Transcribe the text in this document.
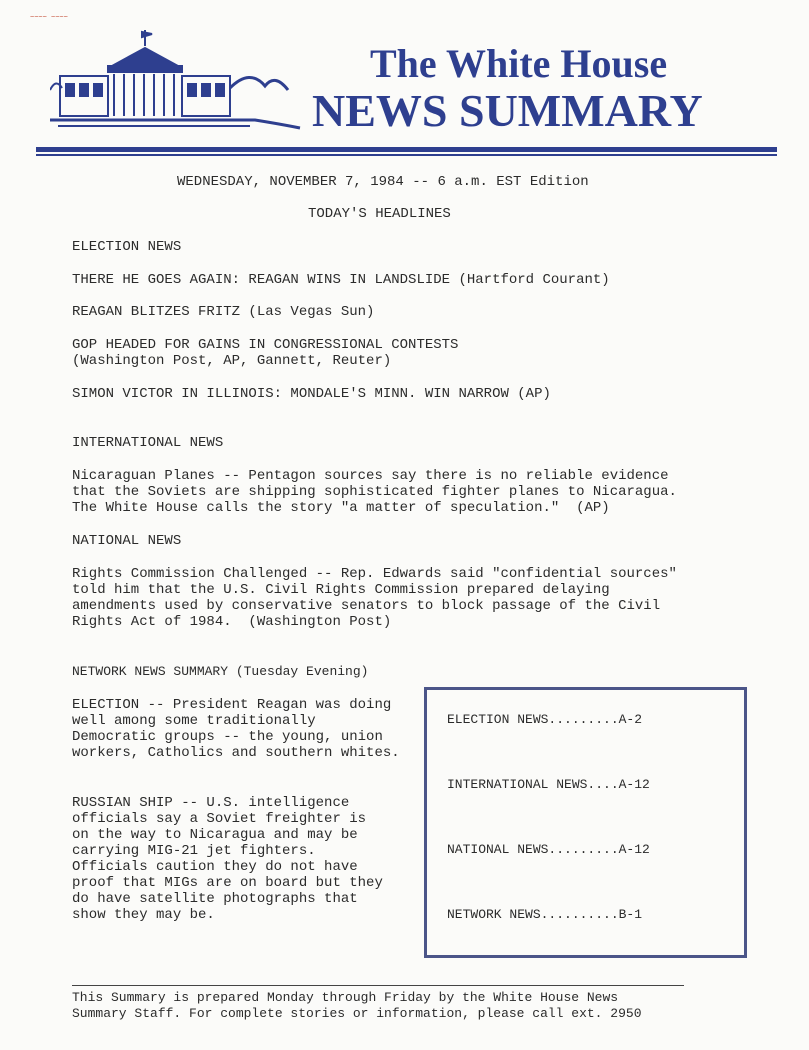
~~~~ ~~~~
The White House
NEWS SUMMARY
WEDNESDAY, NOVEMBER 7, 1984 -- 6 a.m. EST Edition
TODAY'S HEADLINES
ELECTION NEWS
THERE HE GOES AGAIN: REAGAN WINS IN LANDSLIDE (Hartford Courant)
REAGAN BLITZES FRITZ (Las Vegas Sun)
GOP HEADED FOR GAINS IN CONGRESSIONAL CONTESTS
(Washington Post, AP, Gannett, Reuter)
SIMON VICTOR IN ILLINOIS: MONDALE'S MINN. WIN NARROW (AP)
INTERNATIONAL NEWS
Nicaraguan Planes -- Pentagon sources say there is no reliable evidence
that the Soviets are shipping sophisticated fighter planes to Nicaragua.
The White House calls the story "a matter of speculation."  (AP)
NATIONAL NEWS
Rights Commission Challenged -- Rep. Edwards said "confidential sources"
told him that the U.S. Civil Rights Commission prepared delaying
amendments used by conservative senators to block passage of the Civil
Rights Act of 1984.  (Washington Post)
NETWORK NEWS SUMMARY (Tuesday Evening)
ELECTION -- President Reagan was doing
well among some traditionally
Democratic groups -- the young, union
workers, Catholics and southern whites.
RUSSIAN SHIP -- U.S. intelligence
officials say a Soviet freighter is
on the way to Nicaragua and may be
carrying MIG-21 jet fighters.
Officials caution they do not have
proof that MIGs are on board but they
do have satellite photographs that
show they may be.
ELECTION NEWS.........A-2
INTERNATIONAL NEWS....A-12
NATIONAL NEWS.........A-12
NETWORK NEWS..........B-1
This Summary is prepared Monday through Friday by the White House News
Summary Staff. For complete stories or information, please call ext. 2950
